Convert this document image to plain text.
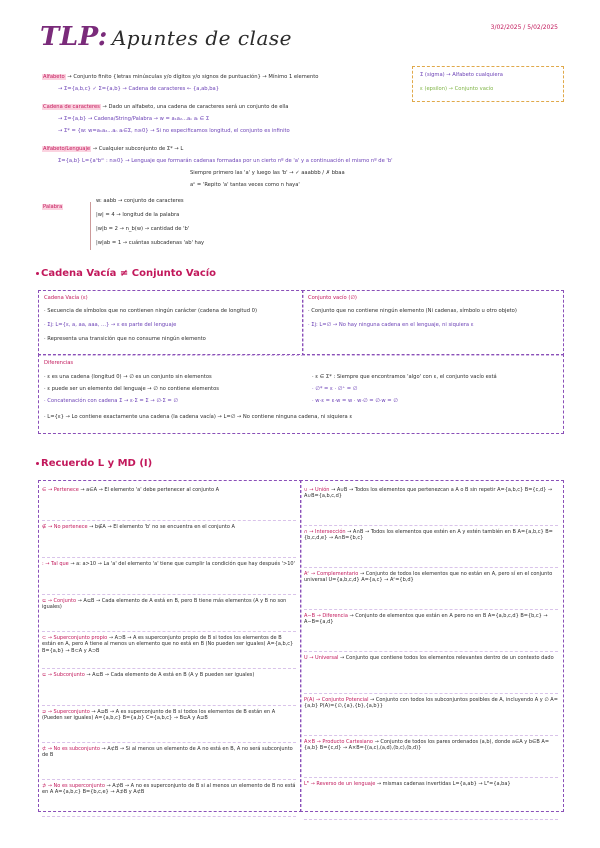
TLP: Apuntes de clase	3/02/2025 / 5/02/2025
Alfabeto → Conjunto finito {letras minúsculas y/o dígitos y/o signos de puntuación} → Mínimo 1 elemento
→ Σ={a,b,c} ✓ Σ={a,b} → Cadena de caracteres ← {a,ab,ba}
Cadena de caracteres → Dado un alfabeto, una cadena de caracteres será un conjunto de ella
→ Σ={a,b} → Cadena/String/Palabra → w = a₁a₂...aₙ aᵢ ∈ Σ
→ Σ* = {w: w=a₁a₂...aₙ aᵢ∈Σ, n≥0} → Si no especificamos longitud, el conjunto es infinito
Alfabeto/Lenguaje → Cualquier subconjunto de Σ* → L
Σ={a,b} L={aⁿbᵐ : n≥0} → Lenguaje que formarán cadenas formadas por un cierto nº de 'a' y a continuación el mismo nº de 'b'
Siempre primero las 'a' y luego las 'b' → ✓ aaabbb / ✗ bbaa
aⁿ = 'Repito 'a' tantas veces como n haya'
Palabra
w: aabb → conjunto de caracteres
|w| = 4 → longitud de la palabra
|w|b = 2 → n_b(w) → cantidad de 'b'
|w|ab = 1 → cuántas subcadenas 'ab' hay
Σ (sigma) → Alfabeto cualquiera
ε (epsilon) → Conjunto vacío
Cadena Vacía ≠ Conjunto Vacío
Cadena Vacía (ε)
· Secuencia de símbolos que no contienen ningún carácter (cadena de longitud 0)
· Σj: L={ε, a, aa, aaa, ...} → ε es parte del lenguaje
· Representa una transición que no consume ningún elemento
Conjunto vacío (∅)
· Conjunto que no contiene ningún elemento (Ni cadenas, símbolo u otro objeto)
· Σj: L=∅ → No hay ninguna cadena en el lenguaje, ni siquiera ε
Diferencias
· ε es una cadena (longitud 0) → ∅ es un conjunto sin elementos
· ε puede ser un elemento del lenguaje → ∅ no contiene elementos
· Concatenación con cadena Σ → ε·Σ = Σ → ∅·Σ = ∅
· L={ε} → Lo contiene exactamente una cadena (la cadena vacía) → L=∅ → No contiene ninguna cadena, ni siquiera ε
· ε ∈ Σ* : Siempre que encontramos 'algo' con ε, el conjunto vacío está
· ∅* = ε · ∅⁺ = ∅
· w·ε = ε·w = w · w·∅ = ∅·w = ∅
Recuerdo L y MD (I)
∈ → Pertenece → a∈A → El elemento 'a' debe pertenecer al conjunto A
∉ → No pertenece → b∉A → El elemento 'b' no se encuentra en el conjunto A
: → Tal que → a: a>10 → La 'a' del elemento 'a' tiene que cumplir la condición que hay después '>10'
⊆ → Conjunto → A⊆B → Cada elemento de A está en B, pero B tiene más elementos (A y B no son iguales)
⊂ → Superconjunto propio → A⊃B → A es superconjunto propio de B si todos los elementos de B están en A, pero A tiene al menos un elemento que no está en B (No pueden ser iguales) A={a,b,c} B={a,b} → B⊂A y A⊃B
⊆ → Subconjunto → A⊆B → Cada elemento de A está en B (A y B pueden ser iguales)
⊇ → Superconjunto → A⊇B → A es superconjunto de B si todos los elementos de B están en A (Pueden ser iguales) A={a,b,c} B={a,b} C={a,b,c} → B⊆A y A⊇B
⊄ → No es subconjunto → A⊄B → Si al menos un elemento de A no está en B, A no será subconjunto de B
⊅ → No es superconjunto → A⊅B → A no es superconjunto de B si al menos un elemento de B no está en A A={a,b,c} B={b,c,e} → A⊅B y A⊄B
∪ → Unión → A∪B → Todos los elementos que pertenezcan a A o B sin repetir A={a,b,c} B={c,d} → A∪B={a,b,c,d}
∩ → Intersección → A∩B → Todos los elementos que estén en A y estén también en B A={a,b,c} B={b,c,d,e} → A∩B={b,c}
Aᶜ → Complementario → Conjunto de todos los elementos que no están en A, pero sí en el conjunto universal U={a,b,c,d} A={a,c} → Aᶜ={b,d}
A−B → Diferencia → Conjunto de elementos que están en A pero no en B A={a,b,c,d} B={b,c} → A−B={a,d}
U → Universal → Conjunto que contiene todos los elementos relevantes dentro de un contexto dado
P(A) → Conjunto Potencial → Conjunto con todos los subconjuntos posibles de A, incluyendo A y ∅ A={a,b} P(A)={∅,{a},{b},{a,b}}
A×B → Producto Cartesiano → Conjunto de todos los pares ordenados (a,b), donde a∈A y b∈B A={a,b} B={c,d} → A×B={(a,c),(a,d),(b,c),(b,d)}
Lᴿ → Reverso de un lenguaje → mismas cadenas invertidas L={a,ab} → Lᴿ={a,ba}
